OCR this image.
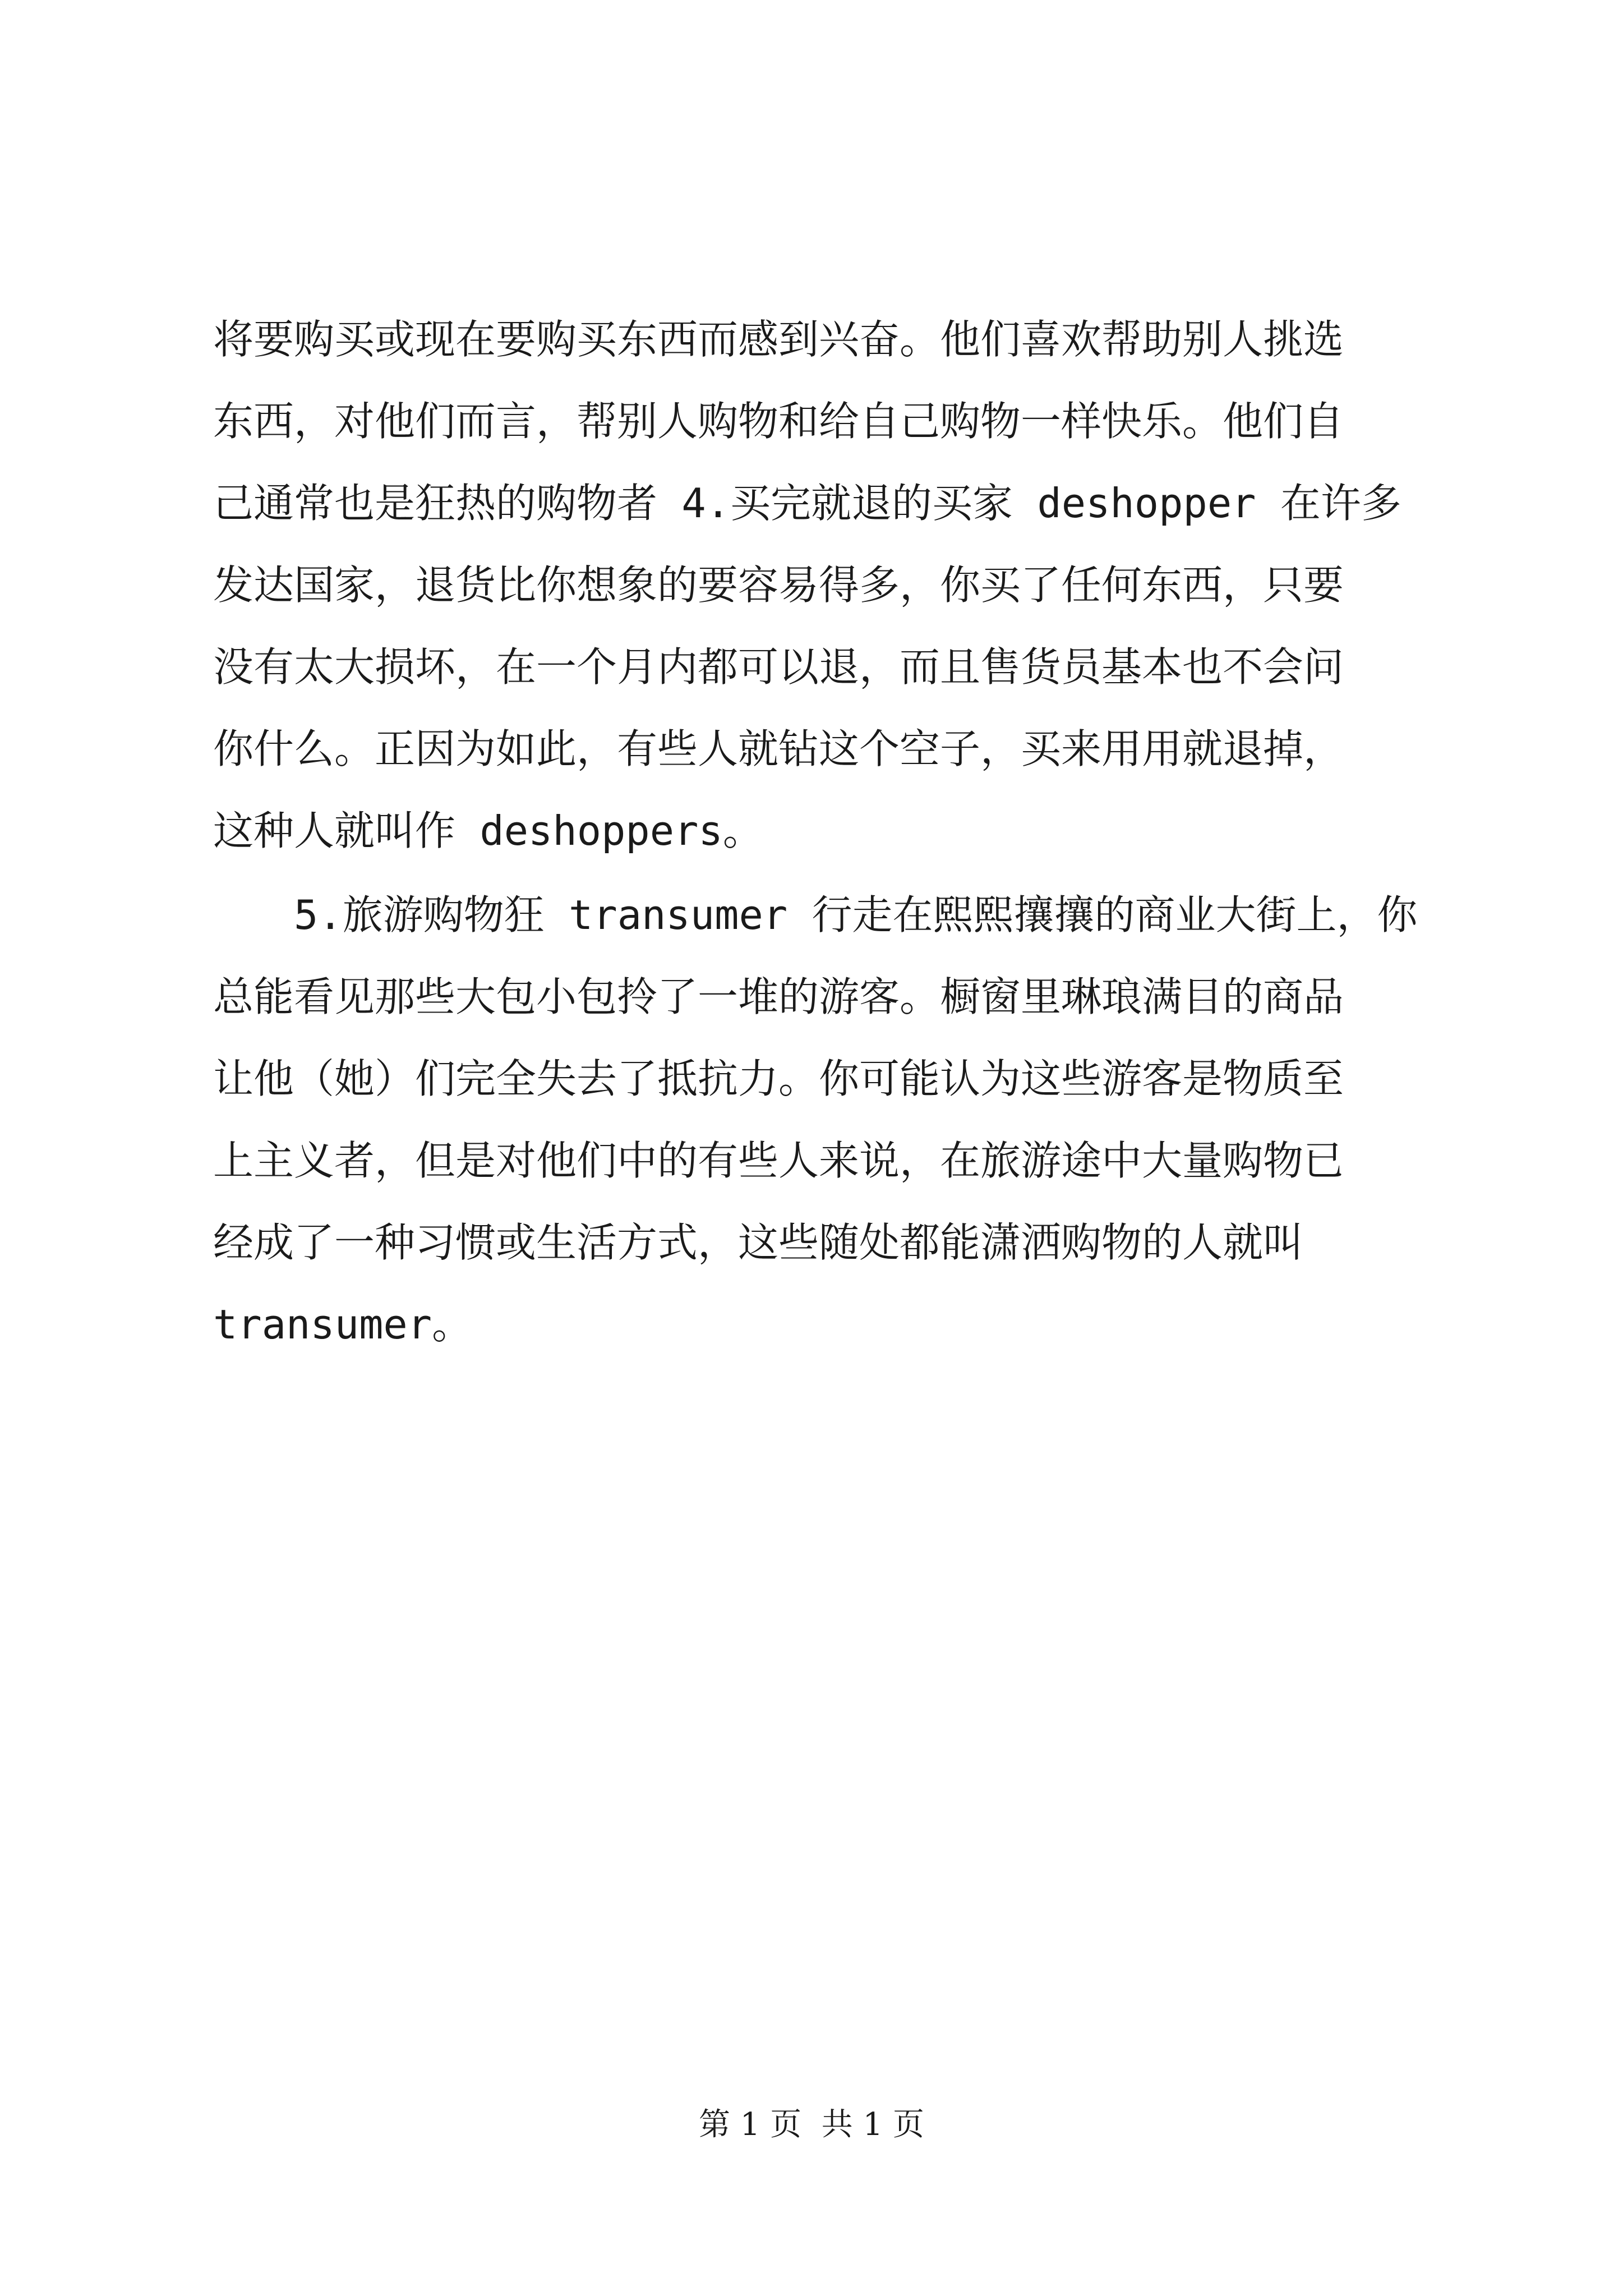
将要购买或现在要购买东西而感到兴奋。他们喜欢帮助别人挑选
东西，对他们而言，帮别人购物和给自己购物一样快乐。他们自
己通常也是狂热的购物者 4.买完就退的买家 deshopper 在许多
发达国家，退货比你想象的要容易得多，你买了任何东西，只要
没有太大损坏，在一个月内都可以退，而且售货员基本也不会问
你什么。正因为如此，有些人就钻这个空子，买来用用就退掉，
这种人就叫作 deshoppers。
5.旅游购物狂 transumer 行走在熙熙攘攘的商业大街上，你
总能看见那些大包小包拎了一堆的游客。橱窗里琳琅满目的商品
让他（她）们完全失去了抵抗力。你可能认为这些游客是物质至
上主义者，但是对他们中的有些人来说，在旅游途中大量购物已
经成了一种习惯或生活方式，这些随处都能潇洒购物的人就叫
transumer。
第 1 页  共 1 页
